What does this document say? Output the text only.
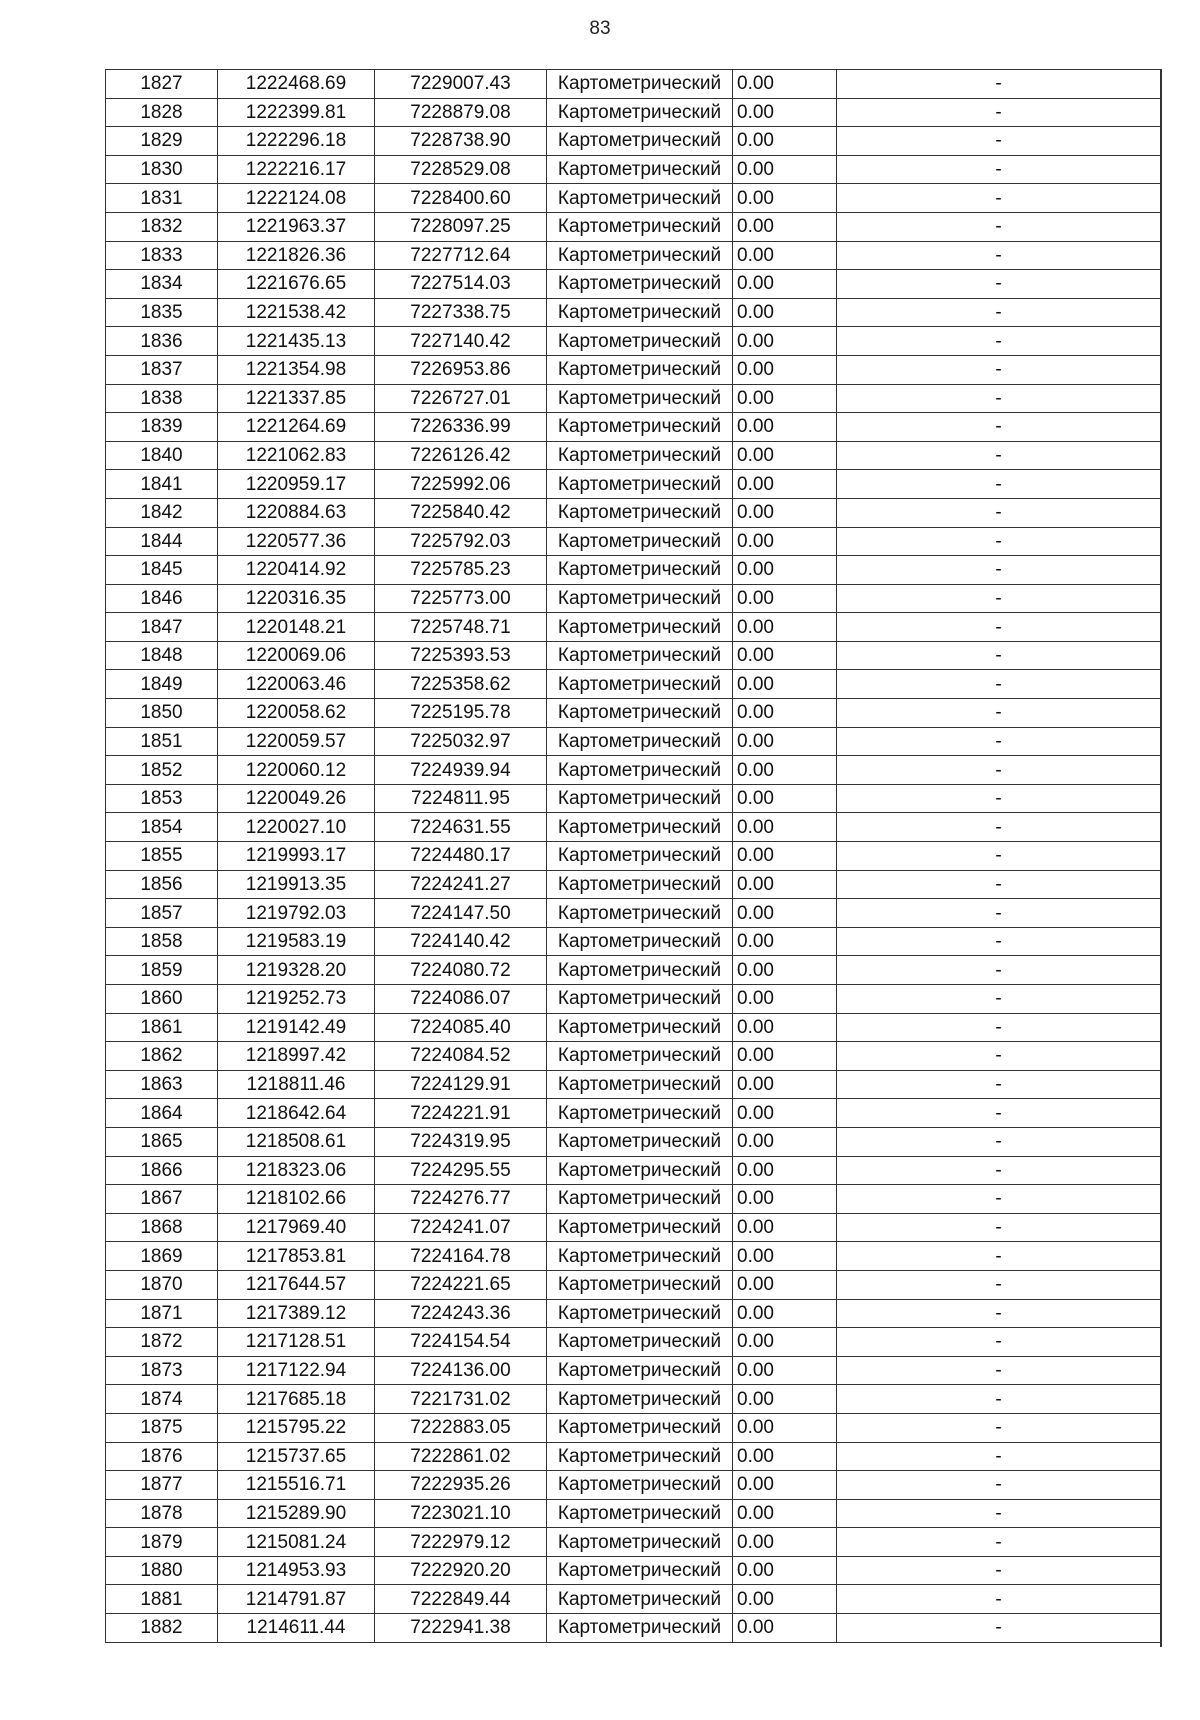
83
1827	1222468.69	7229007.43	Картометрический	0.00	-
1828	1222399.81	7228879.08	Картометрический	0.00	-
1829	1222296.18	7228738.90	Картометрический	0.00	-
1830	1222216.17	7228529.08	Картометрический	0.00	-
1831	1222124.08	7228400.60	Картометрический	0.00	-
1832	1221963.37	7228097.25	Картометрический	0.00	-
1833	1221826.36	7227712.64	Картометрический	0.00	-
1834	1221676.65	7227514.03	Картометрический	0.00	-
1835	1221538.42	7227338.75	Картометрический	0.00	-
1836	1221435.13	7227140.42	Картометрический	0.00	-
1837	1221354.98	7226953.86	Картометрический	0.00	-
1838	1221337.85	7226727.01	Картометрический	0.00	-
1839	1221264.69	7226336.99	Картометрический	0.00	-
1840	1221062.83	7226126.42	Картометрический	0.00	-
1841	1220959.17	7225992.06	Картометрический	0.00	-
1842	1220884.63	7225840.42	Картометрический	0.00	-
1844	1220577.36	7225792.03	Картометрический	0.00	-
1845	1220414.92	7225785.23	Картометрический	0.00	-
1846	1220316.35	7225773.00	Картометрический	0.00	-
1847	1220148.21	7225748.71	Картометрический	0.00	-
1848	1220069.06	7225393.53	Картометрический	0.00	-
1849	1220063.46	7225358.62	Картометрический	0.00	-
1850	1220058.62	7225195.78	Картометрический	0.00	-
1851	1220059.57	7225032.97	Картометрический	0.00	-
1852	1220060.12	7224939.94	Картометрический	0.00	-
1853	1220049.26	7224811.95	Картометрический	0.00	-
1854	1220027.10	7224631.55	Картометрический	0.00	-
1855	1219993.17	7224480.17	Картометрический	0.00	-
1856	1219913.35	7224241.27	Картометрический	0.00	-
1857	1219792.03	7224147.50	Картометрический	0.00	-
1858	1219583.19	7224140.42	Картометрический	0.00	-
1859	1219328.20	7224080.72	Картометрический	0.00	-
1860	1219252.73	7224086.07	Картометрический	0.00	-
1861	1219142.49	7224085.40	Картометрический	0.00	-
1862	1218997.42	7224084.52	Картометрический	0.00	-
1863	1218811.46	7224129.91	Картометрический	0.00	-
1864	1218642.64	7224221.91	Картометрический	0.00	-
1865	1218508.61	7224319.95	Картометрический	0.00	-
1866	1218323.06	7224295.55	Картометрический	0.00	-
1867	1218102.66	7224276.77	Картометрический	0.00	-
1868	1217969.40	7224241.07	Картометрический	0.00	-
1869	1217853.81	7224164.78	Картометрический	0.00	-
1870	1217644.57	7224221.65	Картометрический	0.00	-
1871	1217389.12	7224243.36	Картометрический	0.00	-
1872	1217128.51	7224154.54	Картометрический	0.00	-
1873	1217122.94	7224136.00	Картометрический	0.00	-
1874	1217685.18	7221731.02	Картометрический	0.00	-
1875	1215795.22	7222883.05	Картометрический	0.00	-
1876	1215737.65	7222861.02	Картометрический	0.00	-
1877	1215516.71	7222935.26	Картометрический	0.00	-
1878	1215289.90	7223021.10	Картометрический	0.00	-
1879	1215081.24	7222979.12	Картометрический	0.00	-
1880	1214953.93	7222920.20	Картометрический	0.00	-
1881	1214791.87	7222849.44	Картометрический	0.00	-
1882	1214611.44	7222941.38	Картометрический	0.00	-
